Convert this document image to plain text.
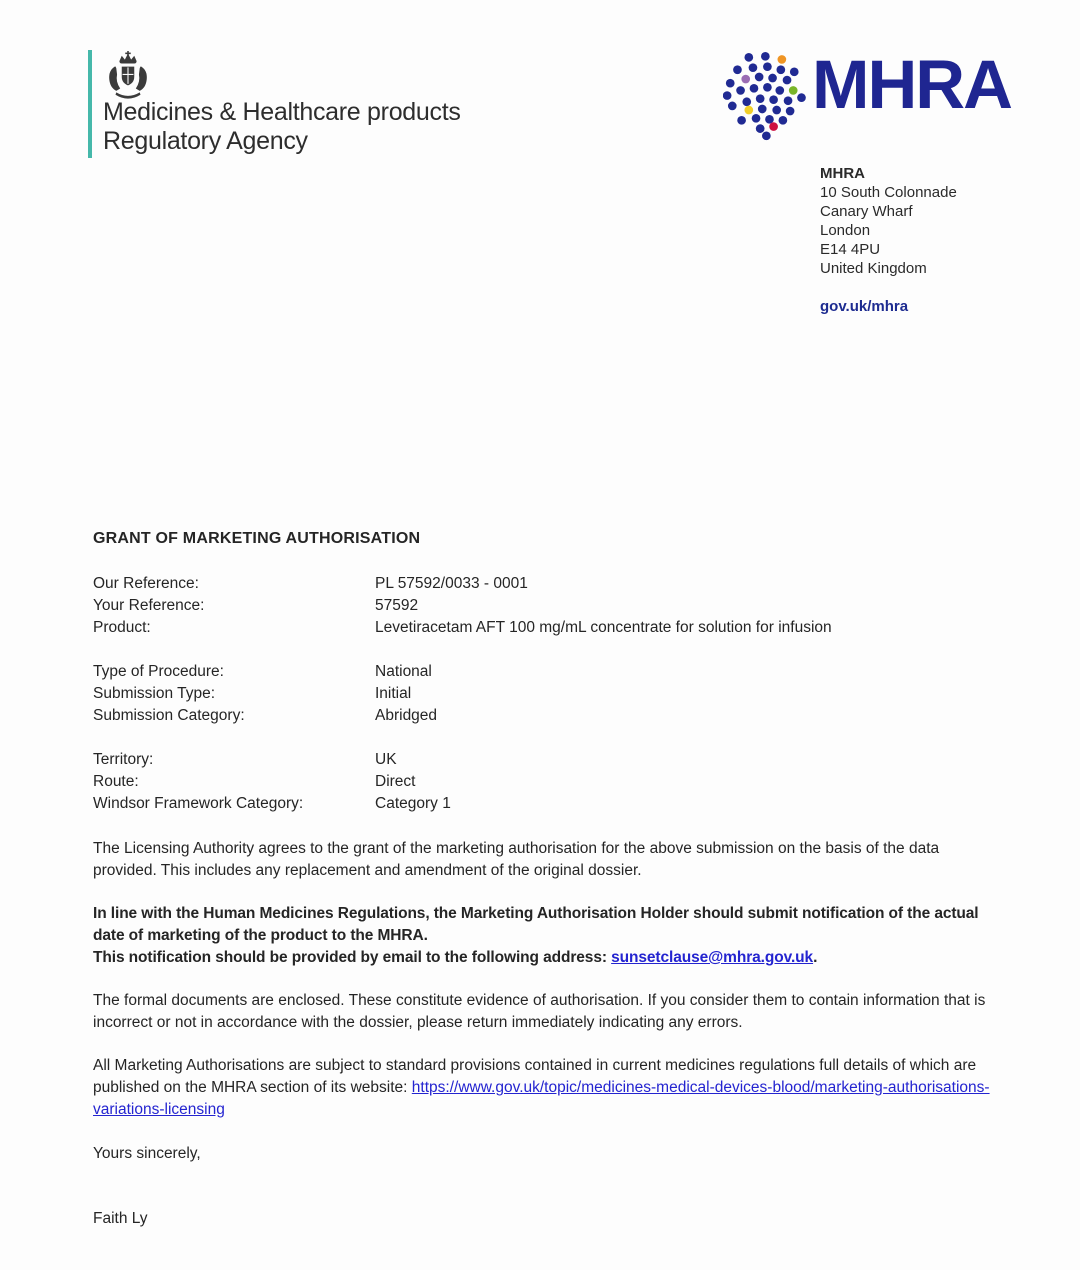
Medicines & Healthcare products
Regulatory Agency
MHRA
MHRA
10 South Colonnade
Canary Wharf
London
E14 4PU
United Kingdom
gov.uk/mhra
GRANT OF MARKETING AUTHORISATION
Our Reference:	PL 57592/0033 - 0001
Your Reference:	57592
Product:	Levetiracetam AFT 100 mg/mL concentrate for solution for infusion
Type of Procedure:	National
Submission Type:	Initial
Submission Category:	Abridged
Territory:	UK
Route:	Direct
Windsor Framework Category:	Category 1

The Licensing Authority agrees to the grant of the marketing authorisation for the above submission on the basis of the data provided. This includes any replacement and amendment of the original dossier.

In line with the Human Medicines Regulations, the Marketing Authorisation Holder should submit notification of the actual date of marketing of the product to the MHRA.
This notification should be provided by email to the following address: sunsetclause@mhra.gov.uk.

The formal documents are enclosed. These constitute evidence of authorisation. If you consider them to contain information that is incorrect or not in accordance with the dossier, please return immediately indicating any errors.

All Marketing Authorisations are subject to standard provisions contained in current medicines regulations full details of which are published on the MHRA section of its website: https://www.gov.uk/topic/medicines-medical-devices-blood/marketing-authorisations-variations-licensing

Yours sincerely,

Faith Ly
